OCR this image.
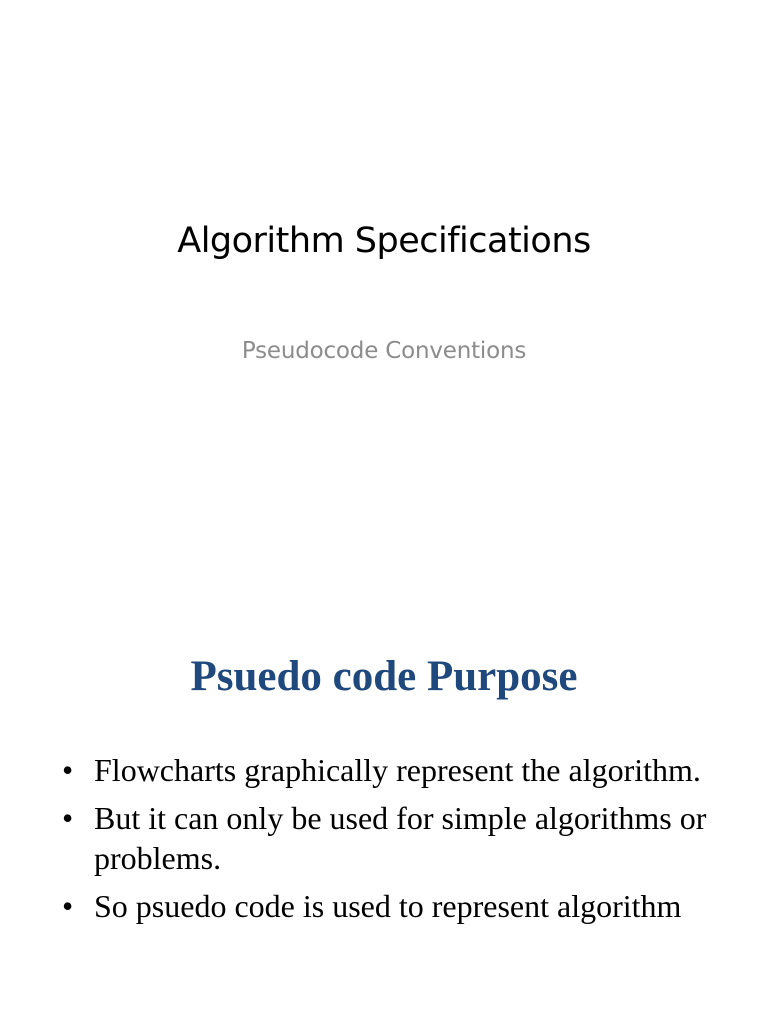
Algorithm Specifications
Pseudocode Conventions
Psuedo code Purpose
• Flowcharts graphically represent the algorithm.
• But it can only be used for simple algorithms or problems.
• So psuedo code is used to represent algorithm
